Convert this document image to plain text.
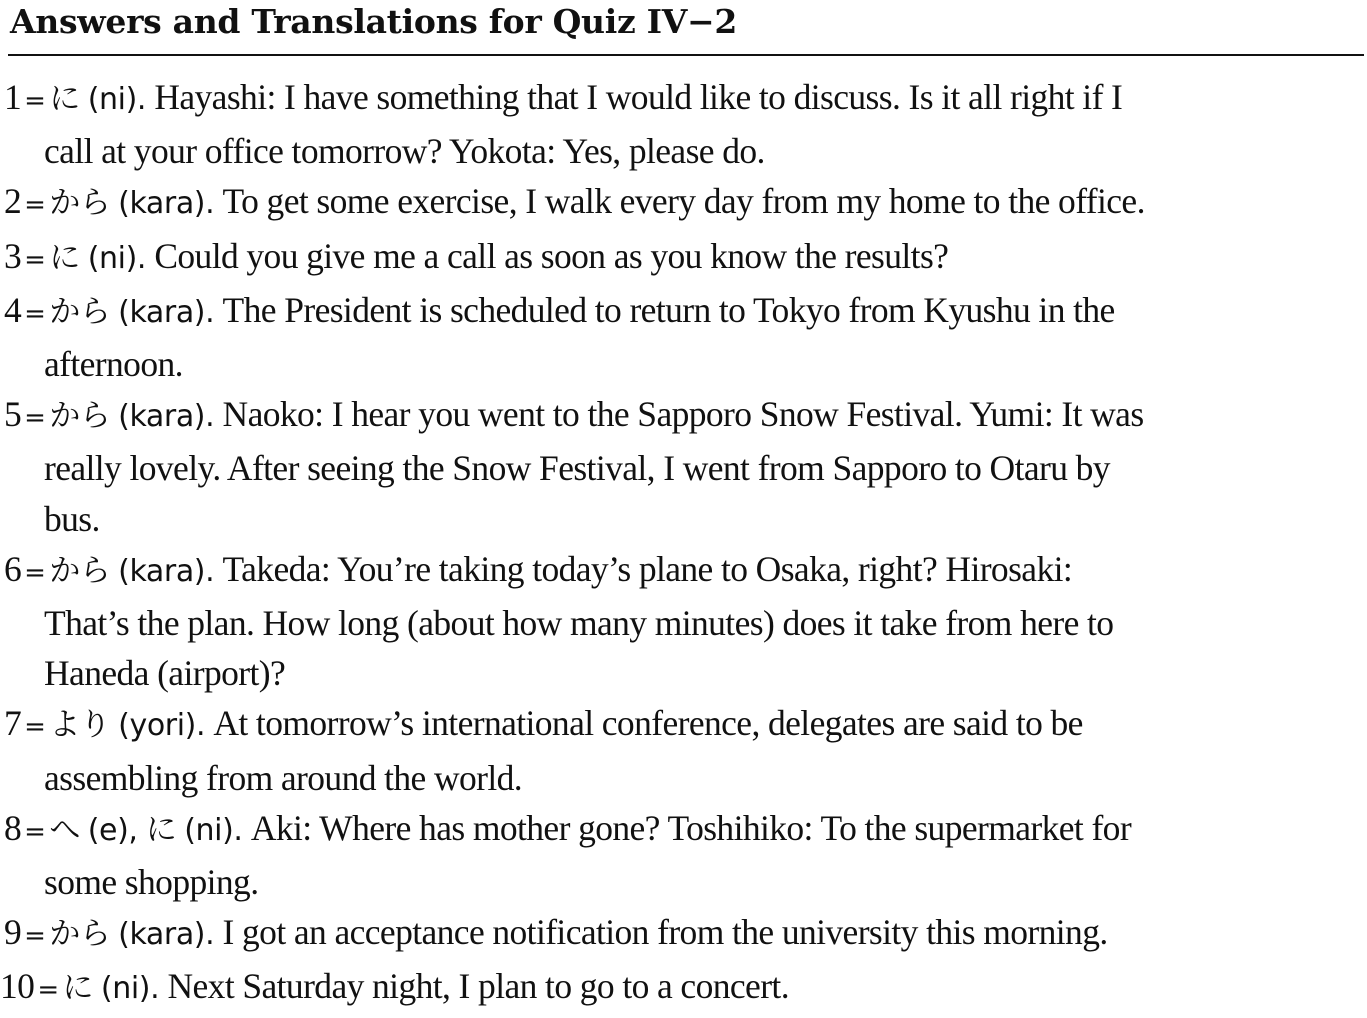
Answers and Translations for Quiz IV−2
1 = に (ni). Hayashi: I have something that I would like to discuss. Is it all right if I
call at your office tomorrow? Yokota: Yes, please do.
2 = から (kara). To get some exercise, I walk every day from my home to the office.
3 = に (ni). Could you give me a call as soon as you know the results?
4 = から (kara). The President is scheduled to return to Tokyo from Kyushu in the
afternoon.
5 = から (kara). Naoko: I hear you went to the Sapporo Snow Festival. Yumi: It was
really lovely. After seeing the Snow Festival, I went from Sapporo to Otaru by
bus.
6 = から (kara). Takeda: You’re taking today’s plane to Osaka, right? Hirosaki:
That’s the plan. How long (about how many minutes) does it take from here to
Haneda (airport)?
7 = より (yori). At tomorrow’s international conference, delegates are said to be
assembling from around the world.
8 = へ (e), に (ni). Aki: Where has mother gone? Toshihiko: To the supermarket for
some shopping.
9 = から (kara). I got an acceptance notification from the university this morning.
10 = に (ni). Next Saturday night, I plan to go to a concert.
